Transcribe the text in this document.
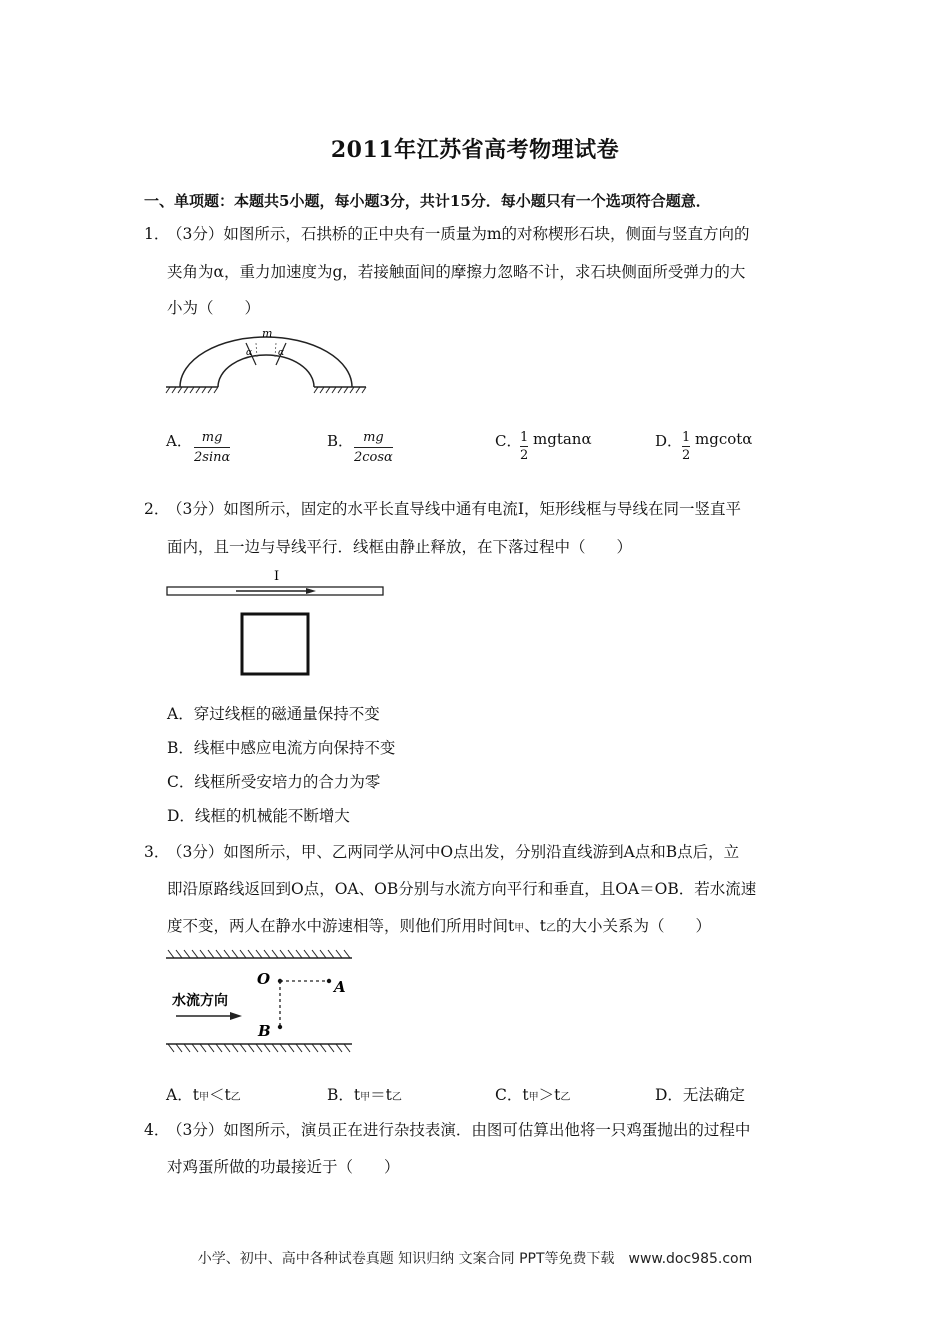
2011年江苏省高考物理试卷
一、单项题：本题共5小题，每小题3分，共计15分．每小题只有一个选项符合题意．
1．
（3分）如图所示，石拱桥的正中央有一质量为m的对称楔形石块，侧面与竖直方向的
夹角为α，重力加速度为g，若接触面间的摩擦力忽略不计，求石块侧面所受弹力的大
小为（　　）
m
α	α
A． mg
2sinα
B． mg
2cosα
C．
1
2
mgtanα	D． 1
2
mgcotα
2．
（3分）如图所示，固定的水平长直导线中通有电流I，矩形线框与导线在同一竖直平
面内，且一边与导线平行．线框由静止释放，在下落过程中（　　）
I
A．穿过线框的磁通量保持不变
B．线框中感应电流方向保持不变
C．线框所受安培力的合力为零
D．线框的机械能不断增大
3．
（3分）如图所示，甲、乙两同学从河中O点出发，分别沿直线游到A点和B点后，立
即沿原路线返回到O点，OA、OB分别与水流方向平行和垂直，且OA＝OB．若水流速
度不变，两人在静水中游速相等，则他们所用时间t甲、t乙的大小关系为（　　）
O	A
B
水流方向
A．t甲＜t乙	B．t甲＝t乙	C．t甲＞t乙	D．无法确定
4．
（3分）如图所示，演员正在进行杂技表演．由图可估算出他将一只鸡蛋抛出的过程中
对鸡蛋所做的功最接近于（　　）
小学、初中、高中各种试卷真题 知识归纳 文案合同 PPT等免费下载　www.doc985.com
